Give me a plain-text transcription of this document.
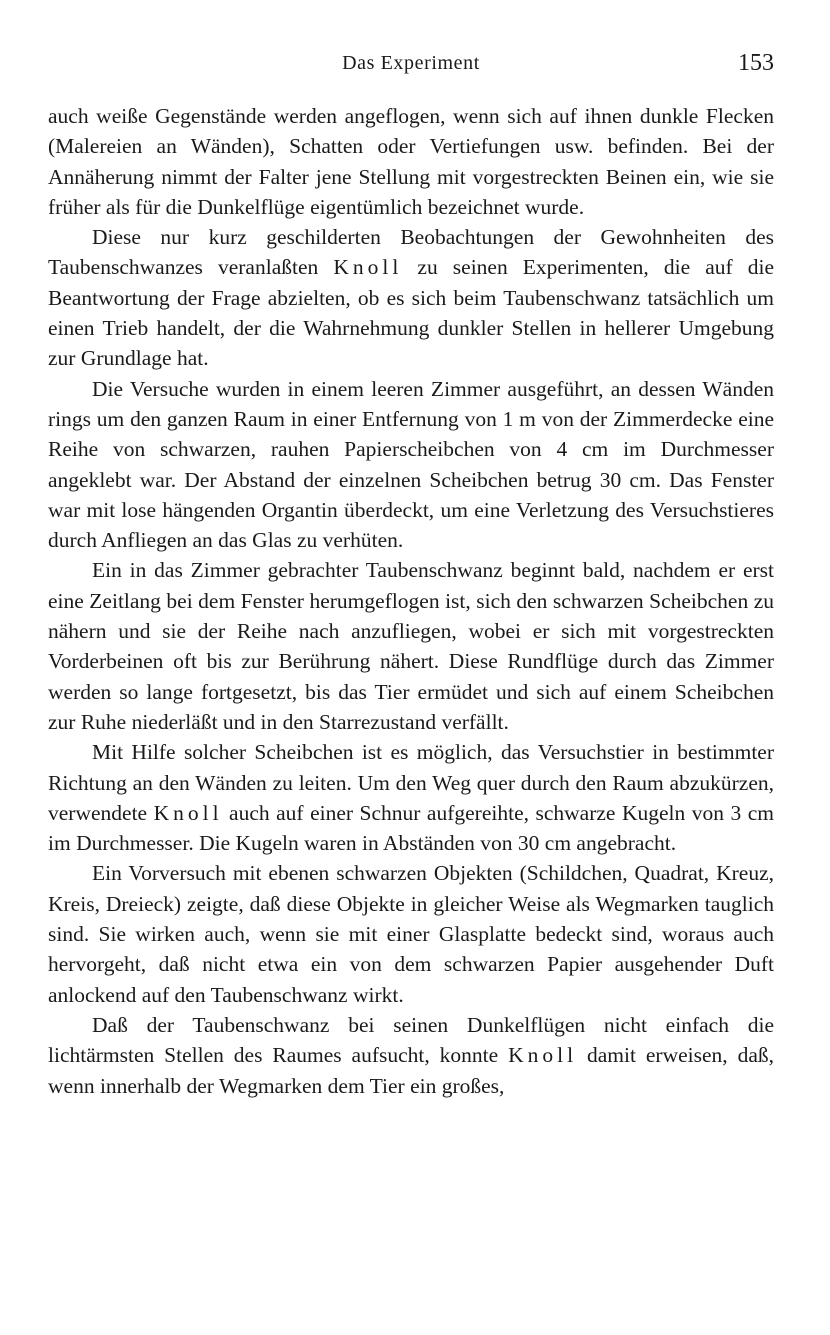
Das Experiment	153

auch weiße Gegenstände werden angeflogen, wenn sich auf ihnen dunkle Flecken (Malereien an Wänden), Schatten oder Vertiefungen usw. befinden. Bei der Annäherung nimmt der Falter jene Stellung mit vorgestreckten Beinen ein, wie sie früher als für die Dunkelflüge eigentümlich bezeichnet wurde.

Diese nur kurz geschilderten Beobachtungen der Gewohnheiten des Taubenschwanzes veranlaßten Knoll zu seinen Experimenten, die auf die Beantwortung der Frage abzielten, ob es sich beim Taubenschwanz tatsächlich um einen Trieb handelt, der die Wahrnehmung dunkler Stellen in hellerer Umgebung zur Grundlage hat.

Die Versuche wurden in einem leeren Zimmer ausgeführt, an dessen Wänden rings um den ganzen Raum in einer Entfernung von 1 m von der Zimmerdecke eine Reihe von schwarzen, rauhen Papierscheibchen von 4 cm im Durchmesser angeklebt war. Der Abstand der einzelnen Scheibchen betrug 30 cm. Das Fenster war mit lose hängenden Organtin überdeckt, um eine Verletzung des Versuchstieres durch Anfliegen an das Glas zu verhüten.

Ein in das Zimmer gebrachter Taubenschwanz beginnt bald, nachdem er erst eine Zeitlang bei dem Fenster herumgeflogen ist, sich den schwarzen Scheibchen zu nähern und sie der Reihe nach anzufliegen, wobei er sich mit vorgestreckten Vorderbeinen oft bis zur Berührung nähert. Diese Rundflüge durch das Zimmer werden so lange fortgesetzt, bis das Tier ermüdet und sich auf einem Scheibchen zur Ruhe niederläßt und in den Starrezustand verfällt.

Mit Hilfe solcher Scheibchen ist es möglich, das Versuchstier in bestimmter Richtung an den Wänden zu leiten. Um den Weg quer durch den Raum abzukürzen, verwendete Knoll auch auf einer Schnur aufgereihte, schwarze Kugeln von 3 cm im Durchmesser. Die Kugeln waren in Abständen von 30 cm angebracht.

Ein Vorversuch mit ebenen schwarzen Objekten (Schildchen, Quadrat, Kreuz, Kreis, Dreieck) zeigte, daß diese Objekte in gleicher Weise als Wegmarken tauglich sind. Sie wirken auch, wenn sie mit einer Glasplatte bedeckt sind, woraus auch hervorgeht, daß nicht etwa ein von dem schwarzen Papier ausgehender Duft anlockend auf den Taubenschwanz wirkt.

Daß der Taubenschwanz bei seinen Dunkelflügen nicht einfach die lichtärmsten Stellen des Raumes aufsucht, konnte Knoll damit erweisen, daß, wenn innerhalb der Wegmarken dem Tier ein großes,
